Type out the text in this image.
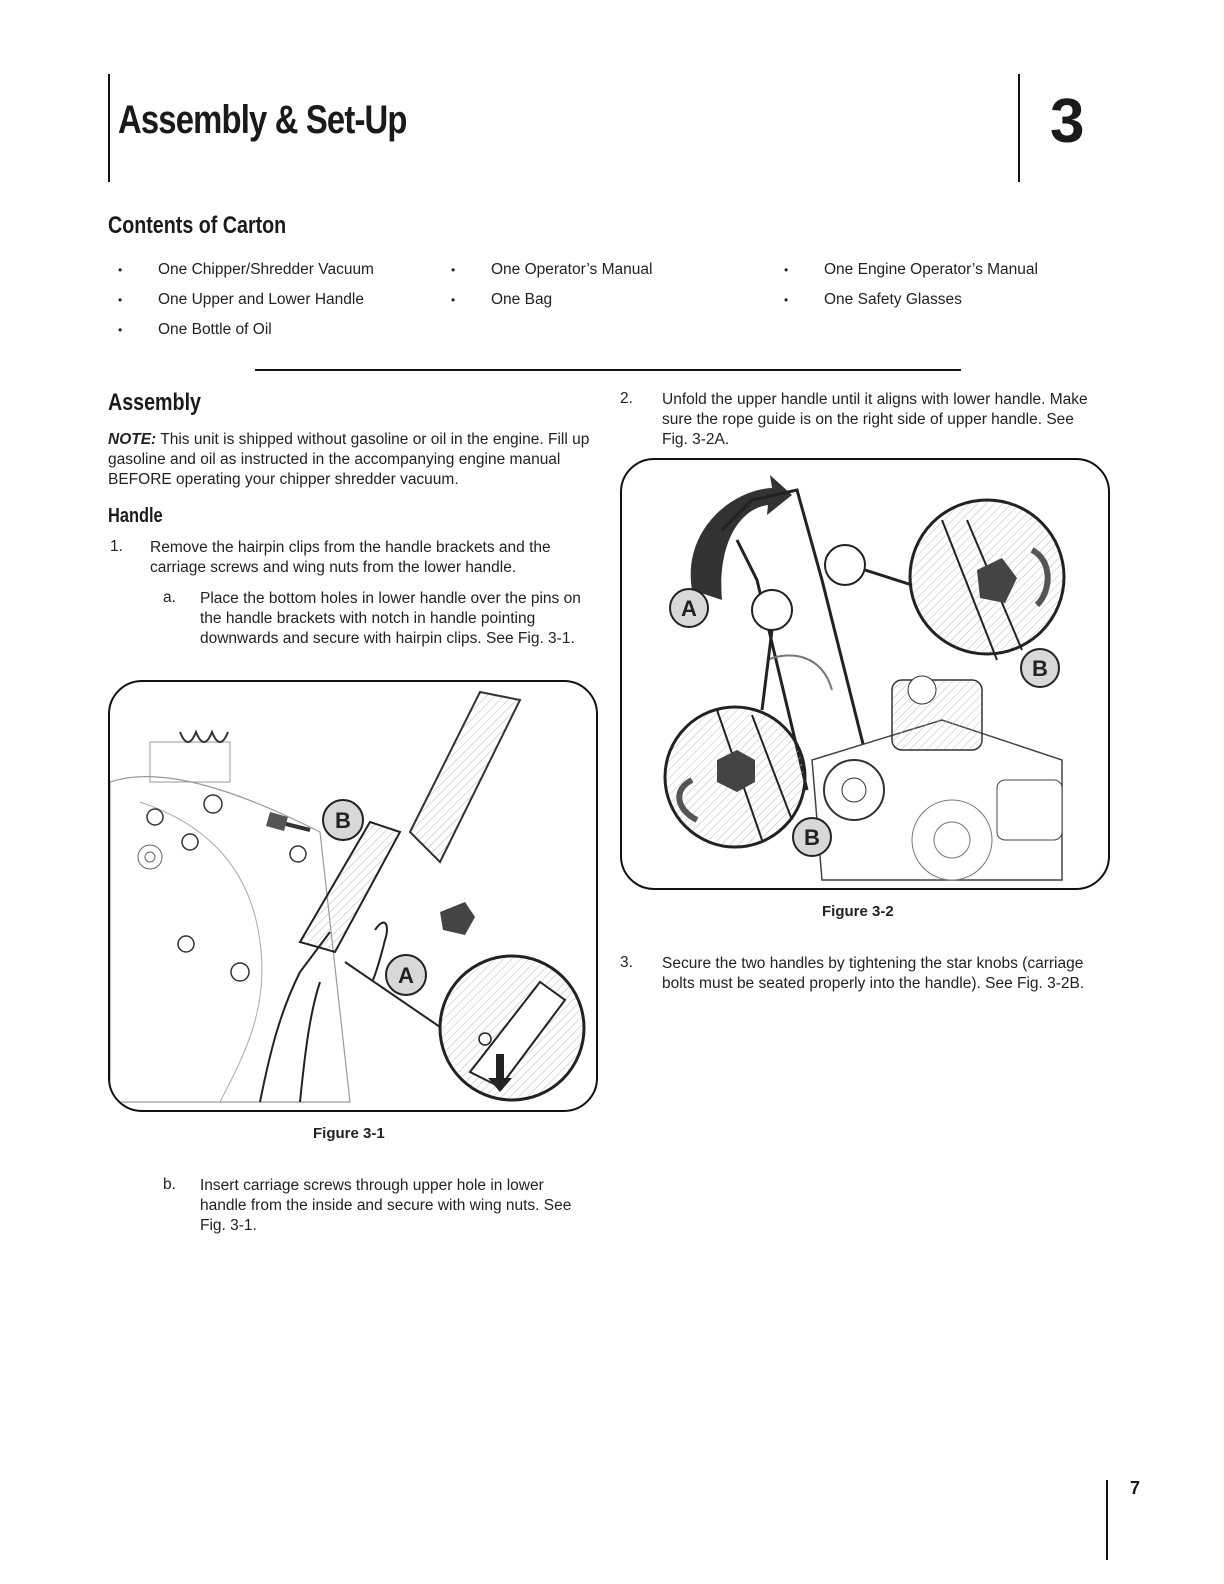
Assembly & Set-Up	3
Contents of Carton
• One Chipper/Shredder Vacuum
• One Upper and Lower Handle
• One Bottle of Oil
• One Operator’s Manual
• One Bag
• One Engine Operator’s Manual
• One Safety Glasses
Assembly
NOTE: This unit is shipped without gasoline or oil in the engine. Fill up gasoline and oil as instructed in the accompanying engine manual BEFORE operating your chipper shredder vacuum.
Handle
1. Remove the hairpin clips from the handle brackets and the carriage screws and wing nuts from the lower handle.
a. Place the bottom holes in lower handle over the pins on the handle brackets with notch in handle pointing downwards and secure with hairpin clips. See Fig. 3-1.
B
A
Figure 3-1
b. Insert carriage screws through upper hole in lower handle from the inside and secure with wing nuts. See Fig. 3-1.
2. Unfold the upper handle until it aligns with lower handle. Make sure the rope guide is on the right side of upper handle. See Fig. 3-2A.
A
B
B
Figure 3-2
3. Secure the two handles by tightening the star knobs (carriage bolts must be seated properly into the handle). See Fig. 3-2B.
7
